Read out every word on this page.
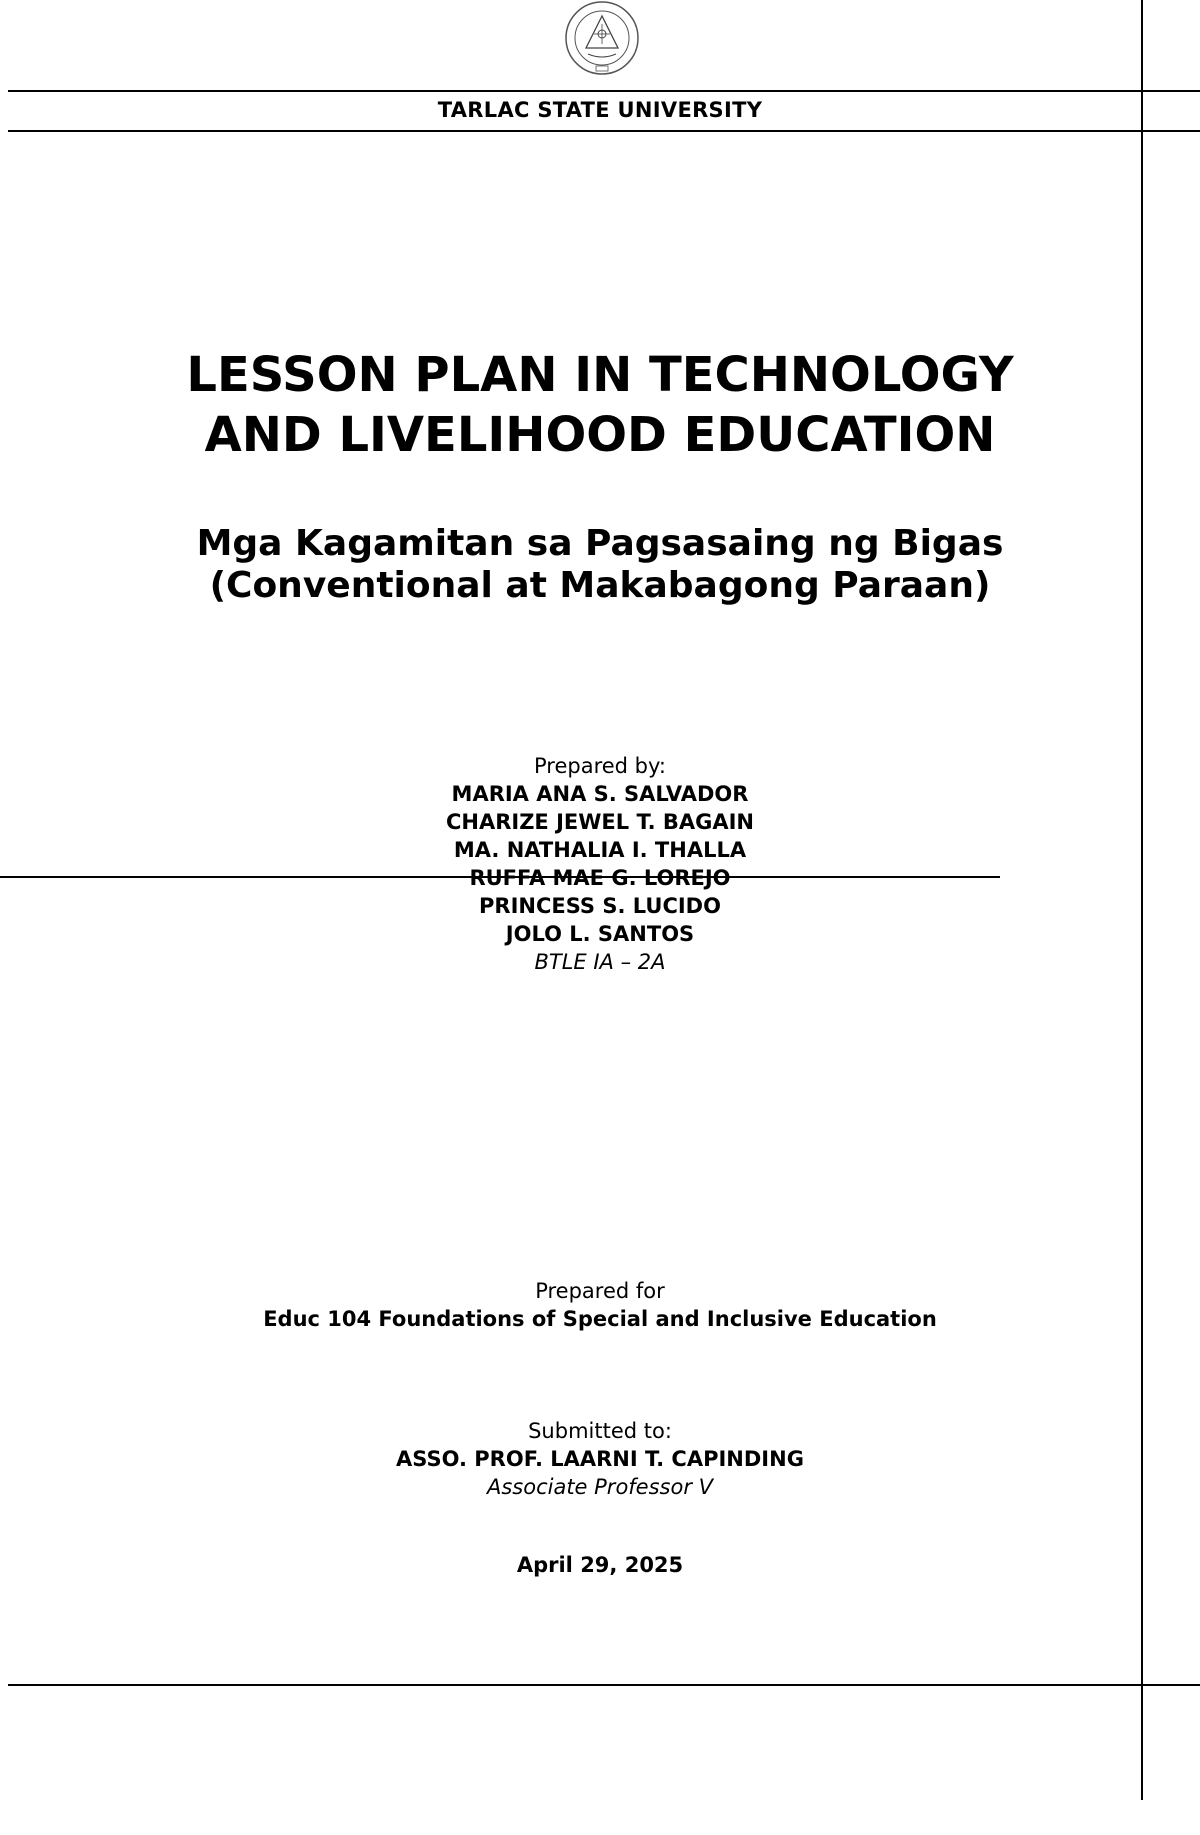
TARLAC STATE UNIVERSITY
LESSON PLAN IN TECHNOLOGY
AND LIVELIHOOD EDUCATION
Mga Kagamitan sa Pagsasaing ng Bigas
(Conventional at Makabagong Paraan)
Prepared by:
MARIA ANA S. SALVADOR
CHARIZE JEWEL T. BAGAIN
MA. NATHALIA I. THALLA
RUFFA MAE G. LOREJO
PRINCESS S. LUCIDO
JOLO L. SANTOS
BTLE IA – 2A
Prepared for
Educ 104 Foundations of Special and Inclusive Education
Submitted to:
ASSO. PROF. LAARNI T. CAPINDING
Associate Professor V
April 29, 2025
